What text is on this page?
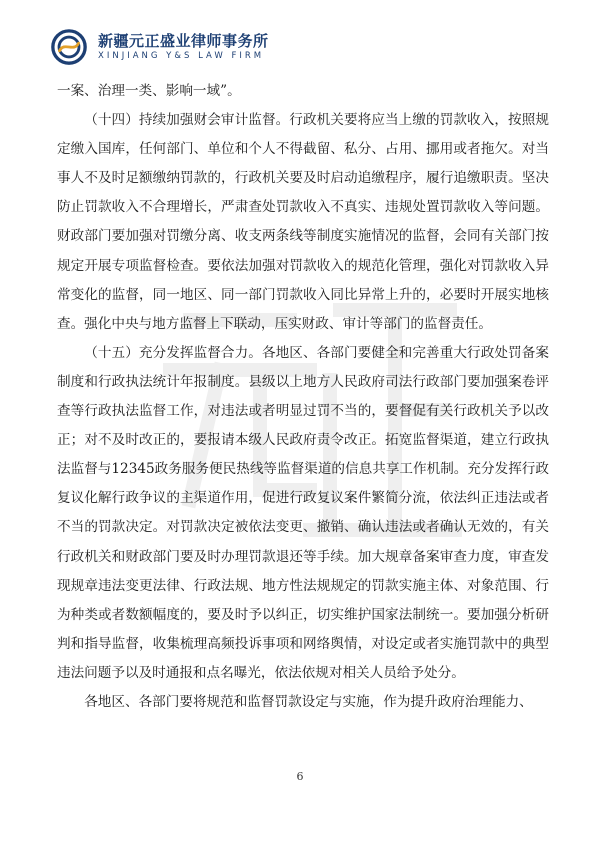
新疆元正盛业律师事务所
XINJIANG Y&S LAW FIRM

一案、治理一类、影响一域”。

（十四）持续加强财会审计监督。行政机关要将应当上缴的罚款收入，按照规定缴入国库，任何部门、单位和个人不得截留、私分、占用、挪用或者拖欠。对当事人不及时足额缴纳罚款的，行政机关要及时启动追缴程序，履行追缴职责。坚决防止罚款收入不合理增长，严肃查处罚款收入不真实、违规处置罚款收入等问题。财政部门要加强对罚缴分离、收支两条线等制度实施情况的监督，会同有关部门按规定开展专项监督检查。要依法加强对罚款收入的规范化管理，强化对罚款收入异常变化的监督，同一地区、同一部门罚款收入同比异常上升的，必要时开展实地核查。强化中央与地方监督上下联动，压实财政、审计等部门的监督责任。

（十五）充分发挥监督合力。各地区、各部门要健全和完善重大行政处罚备案制度和行政执法统计年报制度。县级以上地方人民政府司法行政部门要加强案卷评查等行政执法监督工作，对违法或者明显过罚不当的，要督促有关行政机关予以改正；对不及时改正的，要报请本级人民政府责令改正。拓宽监督渠道，建立行政执法监督与12345政务服务便民热线等监督渠道的信息共享工作机制。充分发挥行政复议化解行政争议的主渠道作用，促进行政复议案件繁简分流，依法纠正违法或者不当的罚款决定。对罚款决定被依法变更、撤销、确认违法或者确认无效的，有关行政机关和财政部门要及时办理罚款退还等手续。加大规章备案审查力度，审查发现规章违法变更法律、行政法规、地方性法规规定的罚款实施主体、对象范围、行为种类或者数额幅度的，要及时予以纠正，切实维护国家法制统一。要加强分析研判和指导监督，收集梳理高频投诉事项和网络舆情，对设定或者实施罚款中的典型违法问题予以及时通报和点名曝光，依法依规对相关人员给予处分。

各地区、各部门要将规范和监督罚款设定与实施，作为提升政府治理能力、

6
